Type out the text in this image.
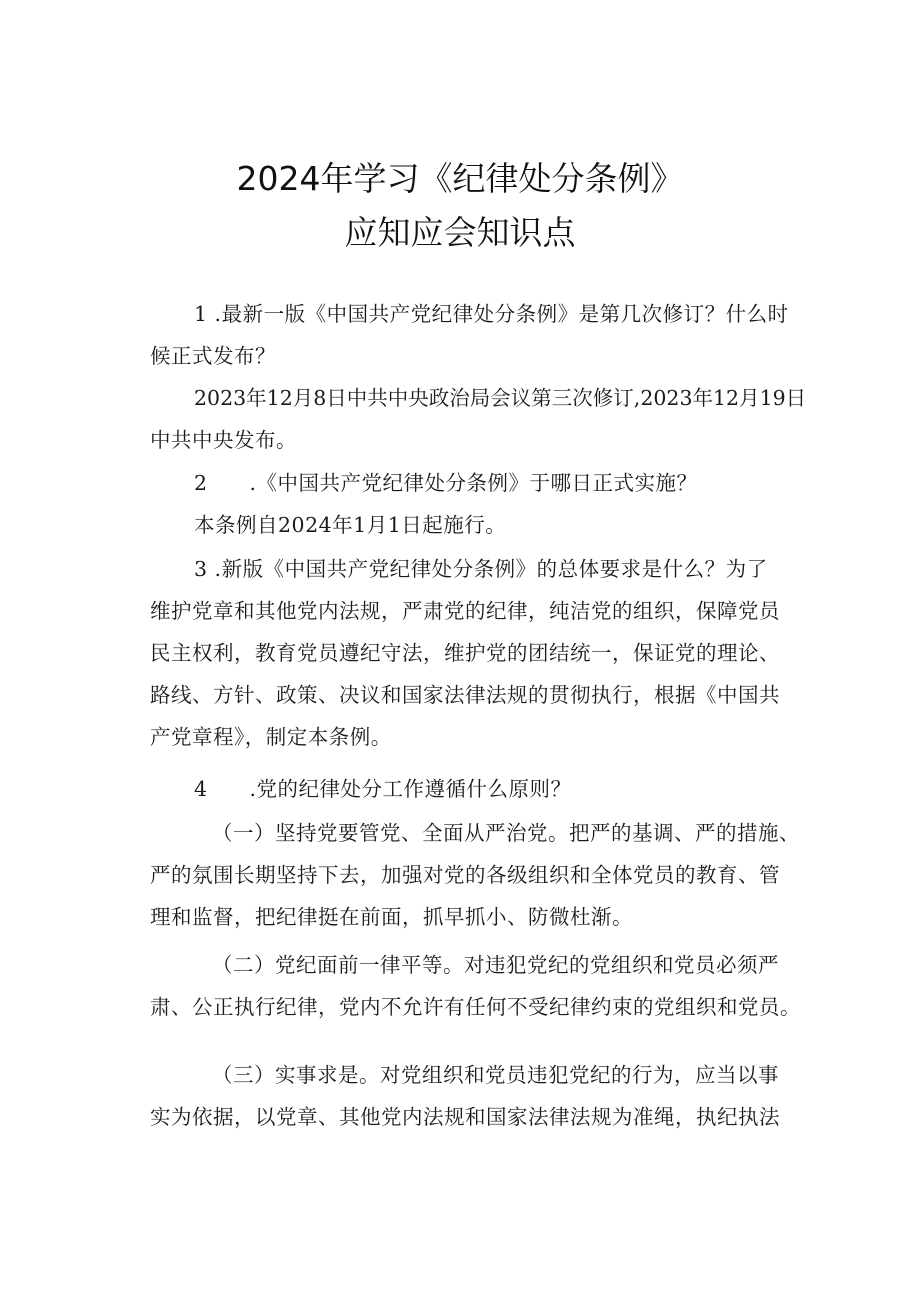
2024年学习《纪律处分条例》
应知应会知识点
1 .最新一版《中国共产党纪律处分条例》是第几次修订？什么时
候正式发布？
2023年12月8日中共中央政治局会议第三次修订,2023年12月19日
中共中央发布。
2　　.《中国共产党纪律处分条例》于哪日正式实施？
本条例自2024年1月1日起施行。
3 .新版《中国共产党纪律处分条例》的总体要求是什么？为了
维护党章和其他党内法规，严肃党的纪律，纯洁党的组织，保障党员
民主权利，教育党员遵纪守法，维护党的团结统一，保证党的理论、
路线、方针、政策、决议和国家法律法规的贯彻执行，根据《中国共
产党章程》，制定本条例。
4　　.党的纪律处分工作遵循什么原则？
（一）坚持党要管党、全面从严治党。把严的基调、严的措施、
严的氛围长期坚持下去，加强对党的各级组织和全体党员的教育、管
理和监督，把纪律挺在前面，抓早抓小、防微杜渐。
（二）党纪面前一律平等。对违犯党纪的党组织和党员必须严
肃、公正执行纪律，党内不允许有任何不受纪律约束的党组织和党员。
（三）实事求是。对党组织和党员违犯党纪的行为，应当以事
实为依据，以党章、其他党内法规和国家法律法规为准绳，执纪执法
